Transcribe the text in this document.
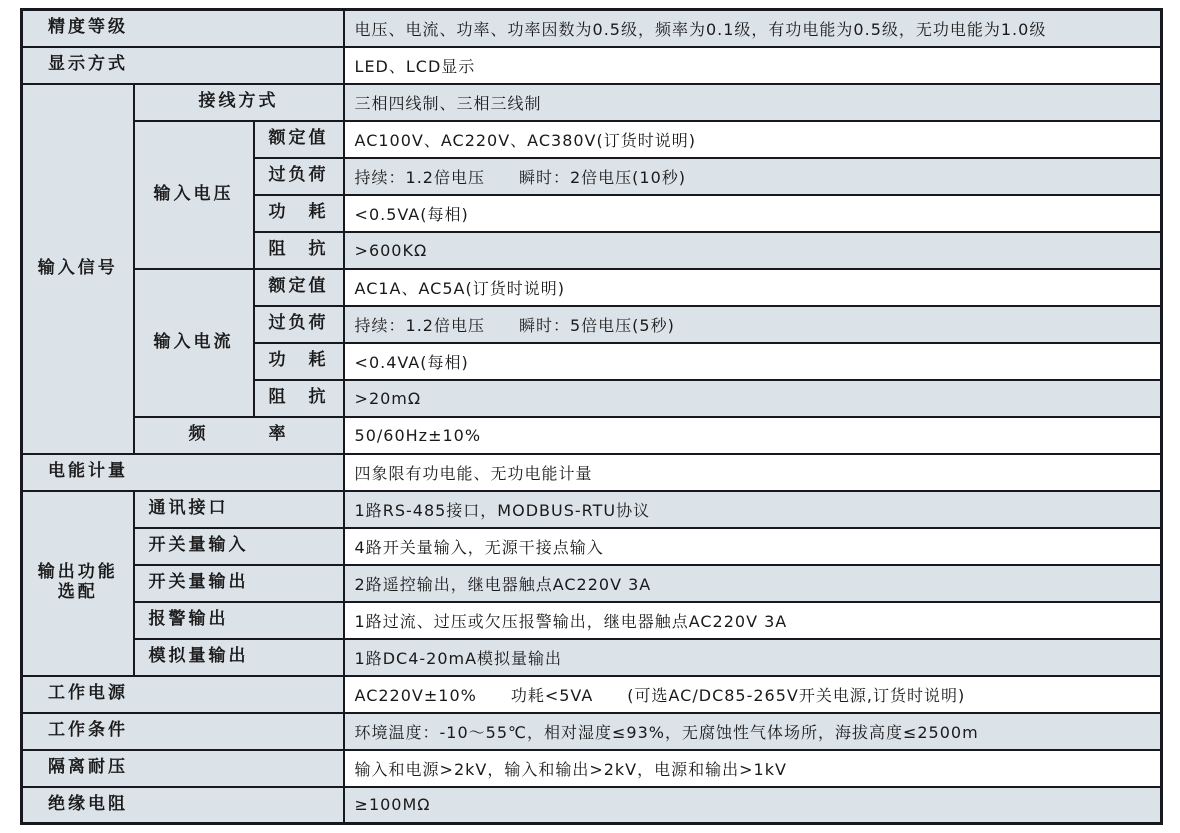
精度等级			电压、电流、功率、功率因数为0.5级，频率为0.1级，有功电能为0.5级，无功电能为1.0级
显示方式			LED、LCD显示
输入信号	接线方式		三相四线制、三相三线制
	输入电压	额定值	AC100V、AC220V、AC380V(订货时说明)
		过负荷	持续：1.2倍电压　　瞬时：2倍电压(10秒)
		功　耗	<0.5VA(每相)
		阻　抗	>600KΩ
	输入电流	额定值	AC1A、AC5A(订货时说明)
		过负荷	持续：1.2倍电压　　瞬时：5倍电压(5秒)
		功　耗	<0.4VA(每相)
		阻　抗	>20mΩ
	频　　　率		50/60Hz±10%
电能计量			四象限有功电能、无功电能计量
输出功能 选配	通讯接口		1路RS-485接口，MODBUS-RTU协议
	开关量输入		4路开关量输入，无源干接点输入
	开关量输出		2路遥控输出，继电器触点AC220V 3A
	报警输出		1路过流、过压或欠压报警输出，继电器触点AC220V 3A
	模拟量输出		1路DC4-20mA模拟量输出
工作电源			AC220V±10%　　功耗<5VA　　(可选AC/DC85-265V开关电源,订货时说明)
工作条件			环境温度：-10～55℃，相对湿度≤93%，无腐蚀性气体场所，海拔高度≤2500m
隔离耐压			输入和电源>2kV，输入和输出>2kV，电源和输出>1kV
绝缘电阻			≥100MΩ
